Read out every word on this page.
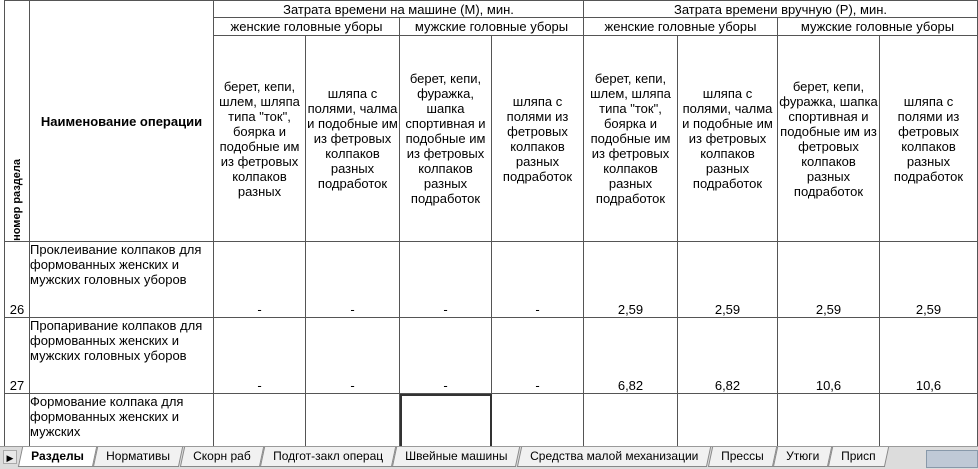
номер раздела	Наименование операции	Затрата времени на машине (М), мин.				Затрата времени вручную (Р), мин.			
		женские головные уборы		мужские головные уборы		женские головные уборы		мужские головные уборы	
		берет, кепи, шлем, шляпа типа "ток", боярка и подобные им из фетровых колпаков разных	шляпа с полями, чалма и подобные им из фетровых колпаков разных подработок	берет, кепи, фуражка, шапка спортивная и подобные им из фетровых колпаков разных подработок	шляпа с полями из фетровых колпаков разных подработок	берет, кепи, шлем, шляпа типа "ток", боярка и подобные им из фетровых колпаков разных подработок	шляпа с полями, чалма и подобные им из фетровых колпаков разных подработок	берет, кепи, фуражка, шапка спортивная и подобные им из фетровых колпаков разных подработок	шляпа с полями из фетровых колпаков разных подработок
26	Проклеивание колпаков для формованных женских и мужских головных уборов	-	-	-	-	2,59	2,59	2,59	2,59
27	Пропаривание колпаков для формованных женских и мужских головных уборов	-	-	-	-	6,82	6,82	10,6	10,6
	Формование колпака для формованных женских и мужских								
▶	Разделы Нормативы Скорн раб Подгот-закл операц Швейные машины Средства малой механизации Прессы Утюги Присп
